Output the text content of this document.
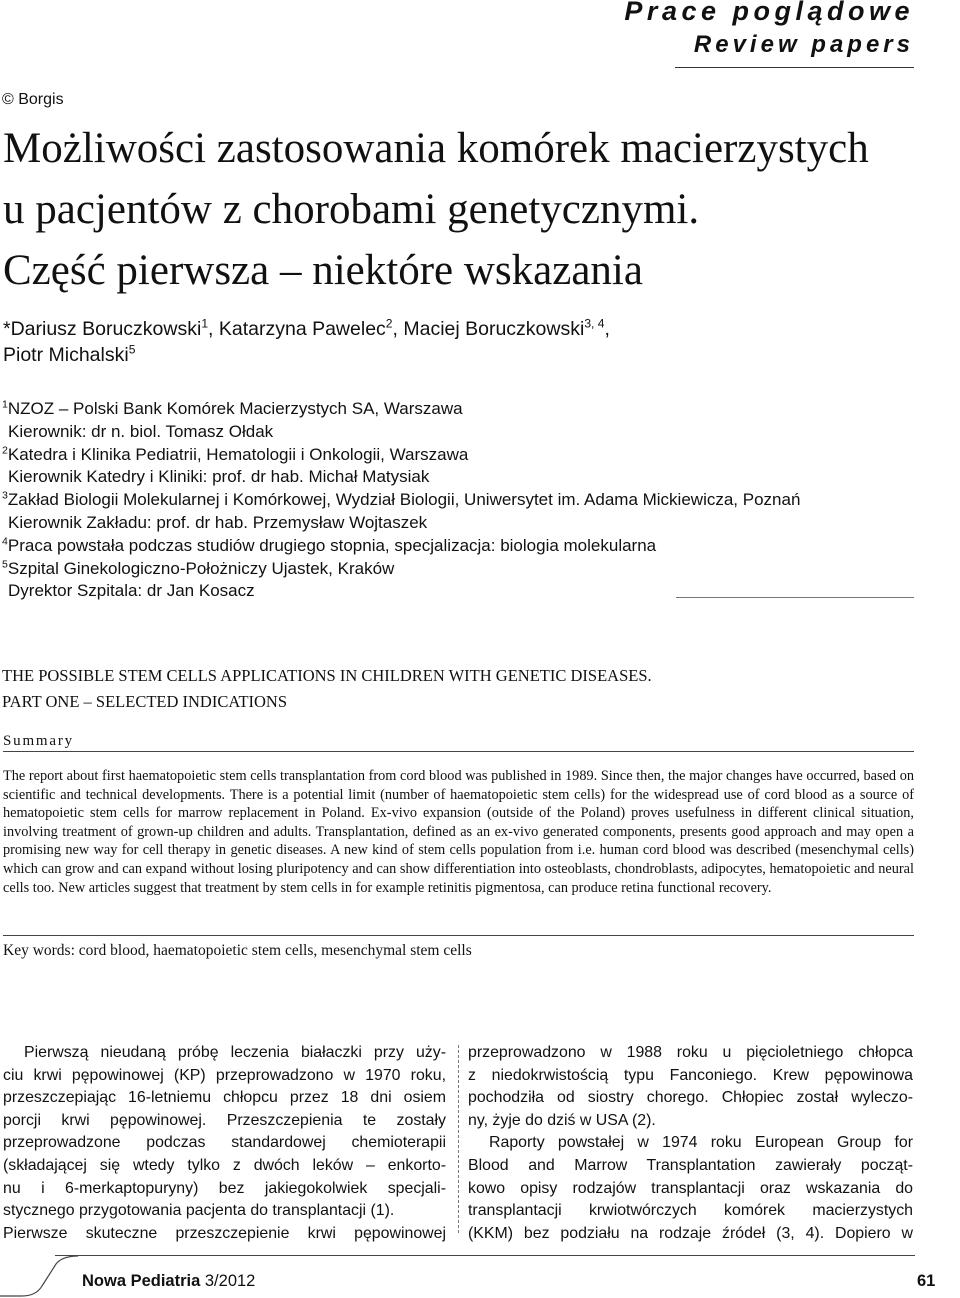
Prace poglądowe
Review papers
© Borgis
Możliwości zastosowania komórek macierzystych
u pacjentów z chorobami genetycznymi.
Część pierwsza – niektóre wskazania
*Dariusz Boruczkowski$^1$, Katarzyna Pawelec$^2$, Maciej Boruczkowski$^{3, 4}$,
Piotr Michalski$^5$
$^1$NZOZ – Polski Bank Komórek Macierzystych SA, Warszawa
Kierownik: dr n. biol. Tomasz Ołdak
$^2$Katedra i Klinika Pediatrii, Hematologii i Onkologii, Warszawa
Kierownik Katedry i Kliniki: prof. dr hab. Michał Matysiak
$^3$Zakład Biologii Molekularnej i Komórkowej, Wydział Biologii, Uniwersytet im. Adama Mickiewicza, Poznań
Kierownik Zakładu: prof. dr hab. Przemysław Wojtaszek
$^4$Praca powstała podczas studiów drugiego stopnia, specjalizacja: biologia molekularna
$^5$Szpital Ginekologiczno-Położniczy Ujastek, Kraków
Dyrektor Szpitala: dr Jan Kosacz
THE POSSIBLE STEM CELLS APPLICATIONS IN CHILDREN WITH GENETIC DISEASES.
PART ONE – SELECTED INDICATIONS
Summary
The report about first haematopoietic stem cells transplantation from cord blood was published in 1989. Since then, the major changes have occurred, based on scientific and technical developments. There is a potential limit (number of haematopoietic stem cells) for the widespread use of cord blood as a source of hematopoietic stem cells for marrow replacement in Poland. Ex-vivo expansion (outside of the Poland) proves usefulness in different clinical situation, involving treatment of grown-up children and adults. Transplantation, defined as an ex-vivo generated components, presents good approach and may open a promising new way for cell therapy in genetic diseases. A new kind of stem cells population from i.e. human cord blood was described (mesenchymal cells) which can grow and can expand without losing pluripotency and can show differentiation into osteoblasts, chondroblasts, adipocytes, hematopoietic and neural cells too. New articles suggest that treatment by stem cells in for example retinitis pigmentosa, can produce retina functional recovery.
Key words: cord blood, haematopoietic stem cells, mesenchymal stem cells

Pierwszą nieudaną próbę leczenia białaczki przy uży-

ciu krwi pępowinowej (KP) przeprowadzono w 1970 roku,

przeszczepiając 16-letniemu chłopcu przez 18 dni osiem

porcji krwi pępowinowej. Przeszczepienia te zostały

przeprowadzone podczas standardowej chemioterapii

(składającej się wtedy tylko z dwóch leków – enkorto-

nu i 6-merkaptopuryny) bez jakiegokolwiek specjali-

stycznego przygotowania pacjenta do transplantacji (1).

Pierwsze skuteczne przeszczepienie krwi pępowinowej

przeprowadzono w 1988 roku u pięcioletniego chłopca

z niedokrwistością typu Fanconiego. Krew pępowinowa

pochodziła od siostry chorego. Chłopiec został wyleczo-

ny, żyje do dziś w USA (2).

Raporty powstałej w 1974 roku European Group for

Blood and Marrow Transplantation zawierały począt-

kowo opisy rodzajów transplantacji oraz wskazania do

transplantacji krwiotwórczych komórek macierzystych

(KKM) bez podziału na rodzaje źródeł (3, 4). Dopiero w

Nowa Pediatria 3/2012	61
